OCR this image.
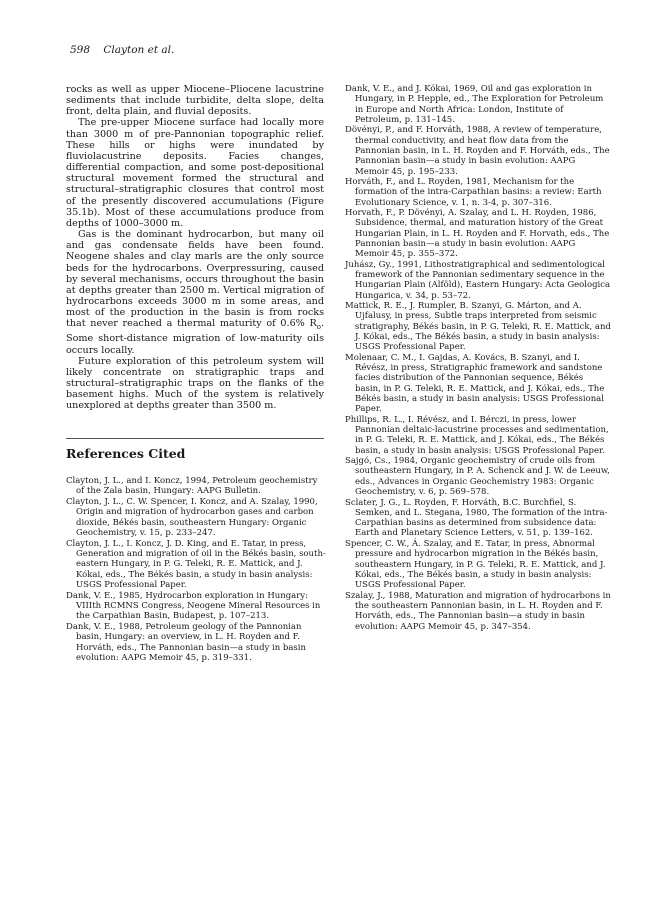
598 Clayton et al.

rocks as well as upper Miocene–Pliocene lacustrine sediments that include turbidite, delta slope, delta front, delta plain, and fluvial deposits.

The pre-upper Miocene surface had locally more than 3000 m of pre-Pannonian topographic relief. These hills or highs were inundated by fluviolacustrine deposits. Facies changes, differential compaction, and some post-depositional structural movement formed the structural and structural–stratigraphic closures that control most of the presently discovered accumulations (Figure 35.1b). Most of these accumulations produce from depths of 1000–3000 m.

Gas is the dominant hydrocarbon, but many oil and gas condensate fields have been found. Neogene shales and clay marls are the only source beds for the hydrocarbons. Overpressuring, caused by several mechanisms, occurs throughout the basin at depths greater than 2500 m. Vertical migration of hydrocarbons exceeds 3000 m in some areas, and most of the production in the basin is from rocks that never reached a thermal maturity of 0.6% $R_o$. Some short-distance migration of low-maturity oils occurs locally.

Future exploration of this petroleum system will likely concentrate on stratigraphic traps and structural–stratigraphic traps on the flanks of the basement highs. Much of the system is relatively unexplored at depths greater than 3500 m.

References Cited

Clayton, J. L., and I. Koncz, 1994, Petroleum geochemistry of the Zala basin, Hungary: AAPG Bulletin.

Clayton, J. L., C. W. Spencer, I. Koncz, and A. Szalay, 1990, Origin and migration of hydrocarbon gases and carbon dioxide, Békés basin, southeastern Hungary: Organic Geochemistry, v. 15, p. 233–247.

Clayton, J. L., I. Koncz, J. D. King, and E. Tatar, in press, Generation and migration of oil in the Békés basin, south-eastern Hungary, in P. G. Teleki, R. E. Mattick, and J. Kókai, eds., The Békés basin, a study in basin analysis: USGS Professional Paper.

Dank, V. E., 1985, Hydrocarbon exploration in Hungary: VIIIth RCMNS Congress, Neogene Mineral Resources in the Carpathian Basin, Budapest, p. 107–213.

Dank, V. E., 1988, Petroleum geology of the Pannonian basin, Hungary: an overview, in L. H. Royden and F. Horváth, eds., The Pannonian basin—a study in basin evolution: AAPG Memoir 45, p. 319–331.

Dank, V. E., and J. Kókai, 1969, Oil and gas exploration in Hungary, in P. Hepple, ed., The Exploration for Petroleum in Europe and North Africa: London, Institute of Petroleum, p. 131–145.

Dövényi, P., and F. Horváth, 1988, A review of temperature, thermal conductivity, and heat flow data from the Pannonian basin, in L. H. Royden and F. Horváth, eds., The Pannonian basin—a study in basin evolution: AAPG Memoir 45, p. 195–233.

Horváth, F., and L. Royden, 1981, Mechanism for the formation of the intra-Carpathian basins: a review: Earth Evolutionary Science, v. 1, n. 3-4, p. 307–316.

Horvath, F., P. Dövényi, A. Szalay, and L. H. Royden, 1986, Subsidence, thermal, and maturation history of the Great Hungarian Plain, in L. H. Royden and F. Horvath, eds., The Pannonian basin—a study in basin evolution: AAPG Memoir 45, p. 355–372.

Juhász, Gy., 1991, Lithostratigraphical and sedimentological framework of the Pannonian sedimentary sequence in the Hungarian Plain (Alföld), Eastern Hungary: Acta Geologica Hungarica, v. 34, p. 53–72.

Mattick, R. E., J. Rumpler, B. Szanyi, G. Márton, and A. Ujfalusy, in press, Subtle traps interpreted from seismic stratigraphy, Békés basin, in P. G. Teleki, R. E. Mattick, and J. Kókai, eds., The Békés basin, a study in basin analysis: USGS Professional Paper.

Molenaar, C. M., I. Gajdas, A. Kovács, B. Szanyi, and I. Révész, in press, Stratigraphic framework and sandstone facies distribution of the Pannonian sequence, Békés basin, in P. G. Teleki, R. E. Mattick, and J. Kókai, eds., The Békés basin, a study in basin analysis: USGS Professional Paper.

Phillips, R. L., I. Révész, and I. Bérczi, in press, lower Pannonian deltaic-lacustrine processes and sedimentation, in P. G. Teleki, R. E. Mattick, and J. Kókai, eds., The Békés basin, a study in basin analysis: USGS Professional Paper.

Sajgó, Cs., 1984, Organic geochemistry of crude oils from southeastern Hungary, in P. A. Schenck and J. W. de Leeuw, eds., Advances in Organic Geochemistry 1983: Organic Geochemistry, v. 6, p. 569–578.

Sclater, J. G., L. Royden, F. Horváth, B.C. Burchfiel, S. Semken, and L. Stegana, 1980, The formation of the intra-Carpathian basins as determined from subsidence data: Earth and Planetary Science Letters, v. 51, p. 139–162.

Spencer, C. W., Á. Szalay, and E. Tatar, in press, Abnormal pressure and hydrocarbon migration in the Békés basin, southeastern Hungary, in P. G. Teleki, R. E. Mattick, and J. Kókai, eds., The Békés basin, a study in basin analysis: USGS Professional Paper.

Szalay, J., 1988, Maturation and migration of hydrocarbons in the southeastern Pannonian basin, in L. H. Royden and F. Horváth, eds., The Pannonian basin—a study in basin evolution: AAPG Memoir 45, p. 347–354.
